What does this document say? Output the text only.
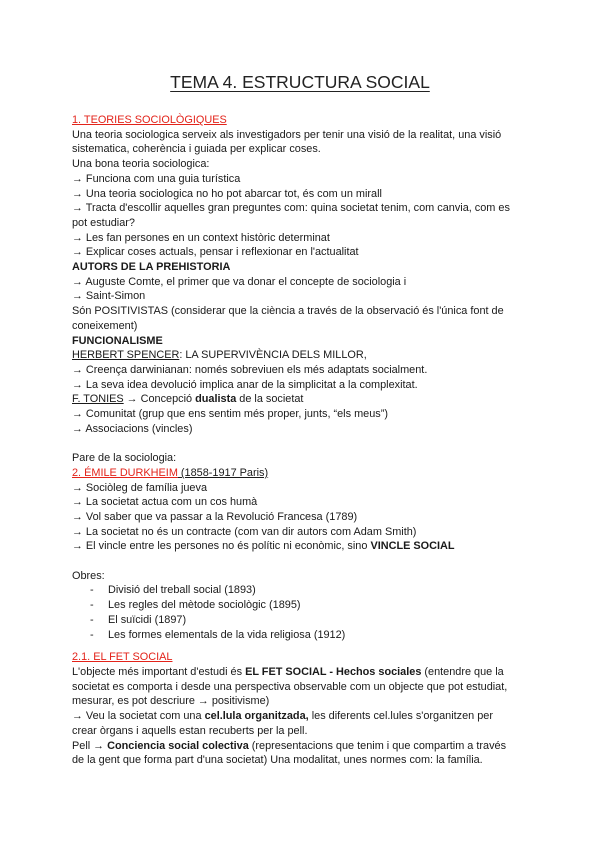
TEMA 4. ESTRUCTURA SOCIAL
1. TEORIES SOCIOLÒGIQUES
Una teoria sociologica serveix als investigadors per tenir una visió de la realitat, una visió
sistematica, coherència i guiada per explicar coses.
Una bona teoria sociologica:
→ Funciona com una guia turística
→ Una teoria sociologica no ho pot abarcar tot, és com un mirall
→ Tracta d'escollir aquelles gran preguntes com: quina societat tenim, com canvia, com es
pot estudiar?
→ Les fan persones en un context històric determinat
→ Explicar coses actuals, pensar i reflexionar en l'actualitat
AUTORS DE LA PREHISTORIA
→ Auguste Comte, el primer que va donar el concepte de sociologia i
→ Saint-Simon
Són POSITIVISTAS (considerar que la ciència a través de la observació és l'única font de
coneixement)
FUNCIONALISME
HERBERT SPENCER: LA SUPERVIVÈNCIA DELS MILLOR,
→ Creença darwinianan: només sobreviuen els més adaptats socialment.
→ La seva idea devolució implica anar de la simplicitat a la complexitat.
F. TONIES → Concepció dualista de la societat
→ Comunitat (grup que ens sentim més proper, junts, “els meus”)
→ Associacions (vincles)
Pare de la sociologia:
2. ÉMILE DURKHEIM (1858-1917 Paris)
→ Sociòleg de família jueva
→ La societat actua com un cos humà
→ Vol saber que va passar a la Revolució Francesa (1789)
→ La societat no és un contracte (com van dir autors com Adam Smith)
→ El vincle entre les persones no és polític ni econòmic, sino VINCLE SOCIAL
Obres:
- Divisió del treball social (1893)
- Les regles del mètode sociològic (1895)
- El suïcidi (1897)
- Les formes elementals de la vida religiosa (1912)
2.1. EL FET SOCIAL
L'objecte més important d'estudi és EL FET SOCIAL - Hechos sociales (entendre que la
societat es comporta i desde una perspectiva observable com un objecte que pot estudiat,
mesurar, es pot descriure → positivisme)
→ Veu la societat com una cel.lula organitzada, les diferents cel.lules s'organitzen per
crear òrgans i aquells estan recuberts per la pell.
Pell → Conciencia social colectiva (representacions que tenim i que compartim a través
de la gent que forma part d'una societat) Una modalitat, unes normes com: la família.
